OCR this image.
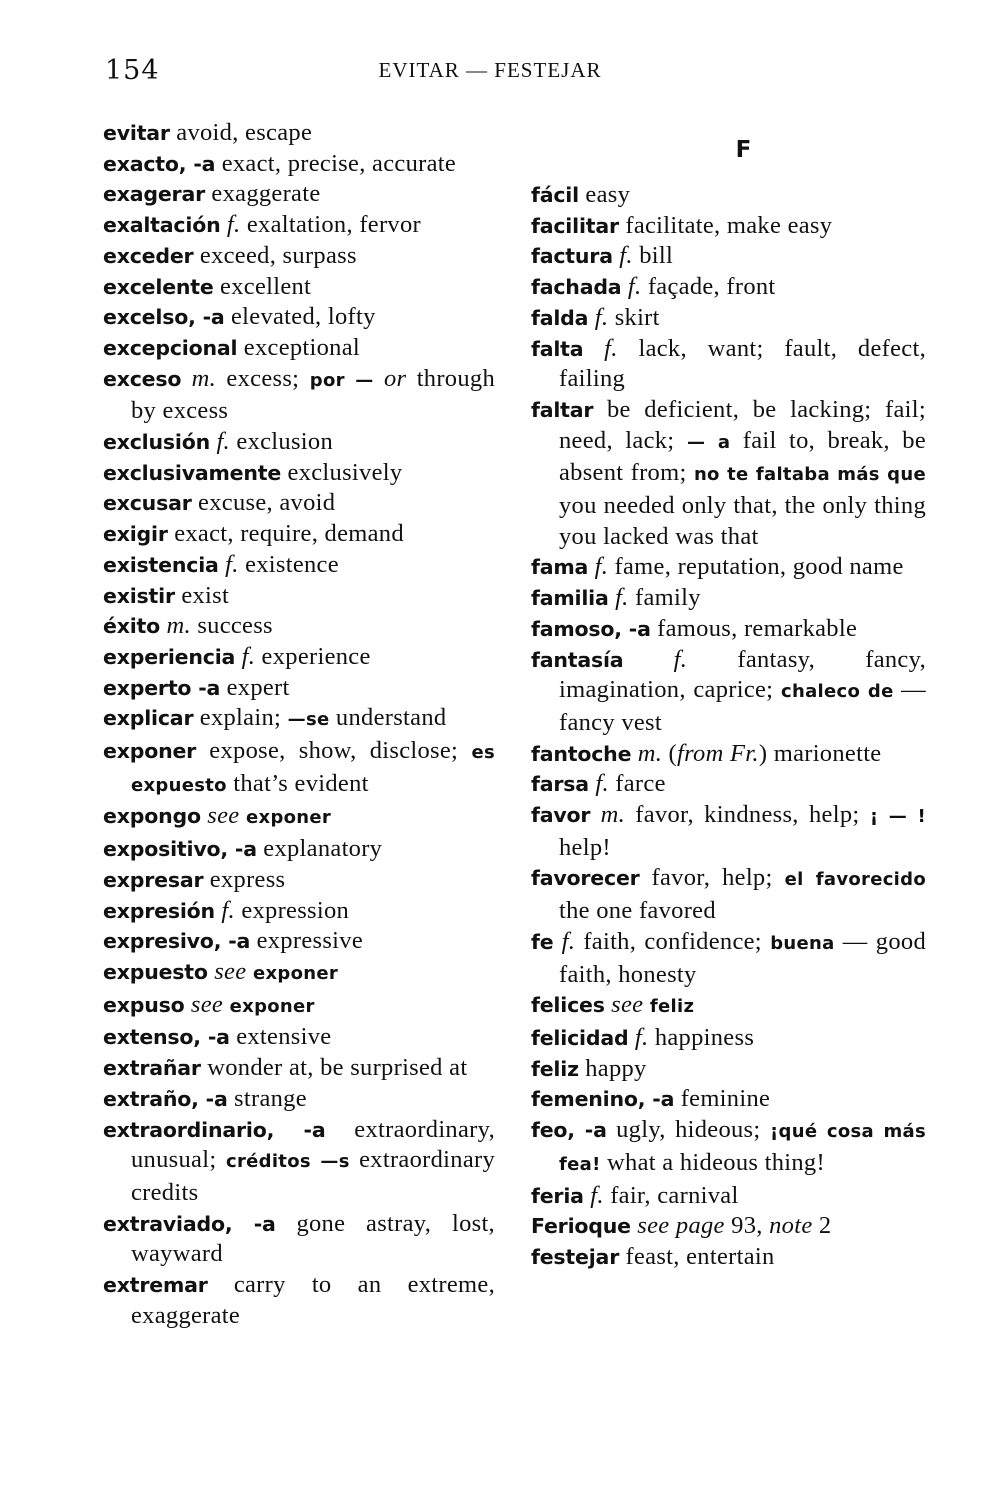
154	EVITAR — FESTEJAR
evitar avoid, escape
exacto, -a exact, precise, accurate
exagerar exaggerate
exaltación f. exaltation, fervor
exceder exceed, surpass
excelente excellent
excelso, -a elevated, lofty
excepcional exceptional
exceso m. excess; por — or through by excess
exclusión f. exclusion
exclusivamente exclusively
excusar excuse, avoid
exigir exact, require, demand
existencia f. existence
existir exist
éxito m. success
experiencia f. experience
experto -a expert
explicar explain; —se understand
exponer expose, show, disclose; es expuesto that’s evident
expongo see exponer
expositivo, -a explanatory
expresar express
expresión f. expression
expresivo, -a expressive
expuesto see exponer
expuso see exponer
extenso, -a extensive
extrañar wonder at, be surprised at
extraño, -a strange
extraordinario, -a extraordinary, unusual; créditos —s extraordinary credits
extraviado, -a gone astray, lost, wayward
extremar carry to an extreme, exaggerate
F
fácil easy
facilitar facilitate, make easy
factura f. bill
fachada f. façade, front
falda f. skirt
falta f. lack, want; fault, defect, failing
faltar be deficient, be lacking; fail; need, lack; — a fail to, break, be absent from; no te faltaba más que you needed only that, the only thing you lacked was that
fama f. fame, reputation, good name
familia f. family
famoso, -a famous, remarkable
fantasía f. fantasy, fancy, imagination, caprice; chaleco de — fancy vest
fantoche m. (from Fr.) marionette
farsa f. farce
favor m. favor, kindness, help; ¡ — ! help!
favorecer favor, help; el favorecido the one favored
fe f. faith, confidence; buena — good faith, honesty
felices see feliz
felicidad f. happiness
feliz happy
femenino, -a feminine
feo, -a ugly, hideous; ¡qué cosa más fea! what a hideous thing!
feria f. fair, carnival
Ferioque see page 93, note 2
festejar feast, entertain
